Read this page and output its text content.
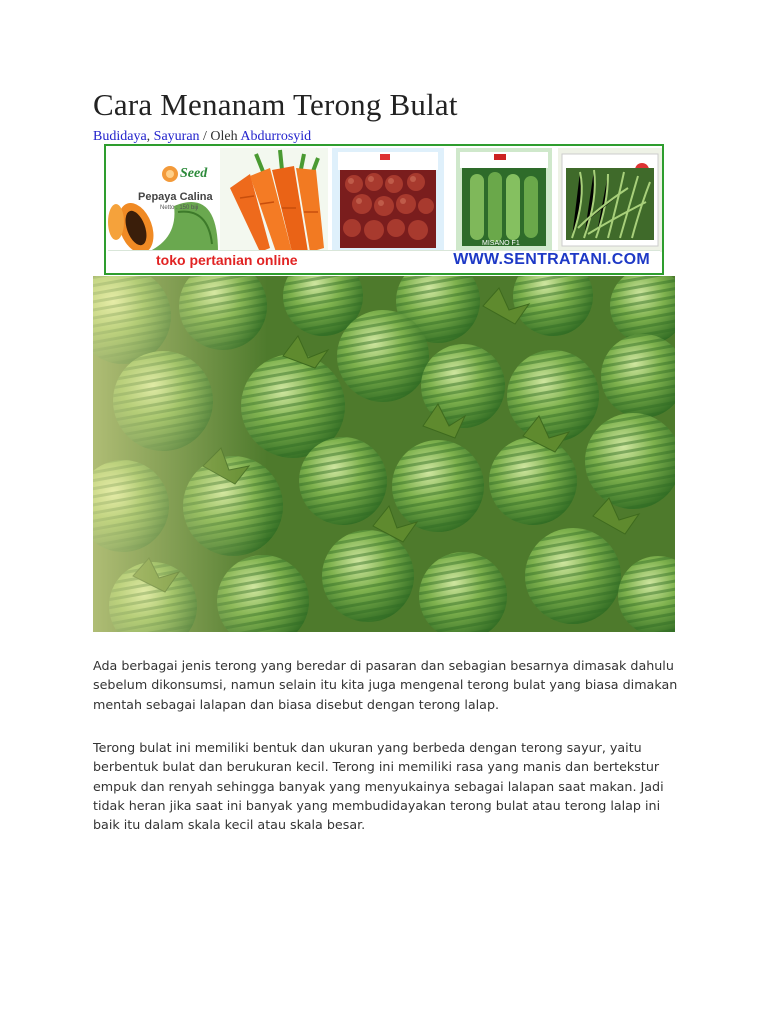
Cara Menanam Terong Bulat
Budidaya, Sayuran / Oleh Abdurrosyid
Seed
Pepaya Calina
Netto : 150 biji
MISANO F1
toko pertanian online	WWW.SENTRATANI.COM

Ada berbagai jenis terong yang beredar di pasaran dan sebagian besarnya dimasak dahulu sebelum dikonsumsi, namun selain itu kita juga mengenal terong bulat yang biasa dimakan mentah sebagai lalapan dan biasa disebut dengan terong lalap.

Terong bulat ini memiliki bentuk dan ukuran yang berbeda dengan terong sayur, yaitu berbentuk bulat dan berukuran kecil. Terong ini memiliki rasa yang manis dan bertekstur empuk dan renyah sehingga banyak yang menyukainya sebagai lalapan saat makan. Jadi tidak heran jika saat ini banyak yang membudidayakan terong bulat atau terong lalap ini baik itu dalam skala kecil atau skala besar.
